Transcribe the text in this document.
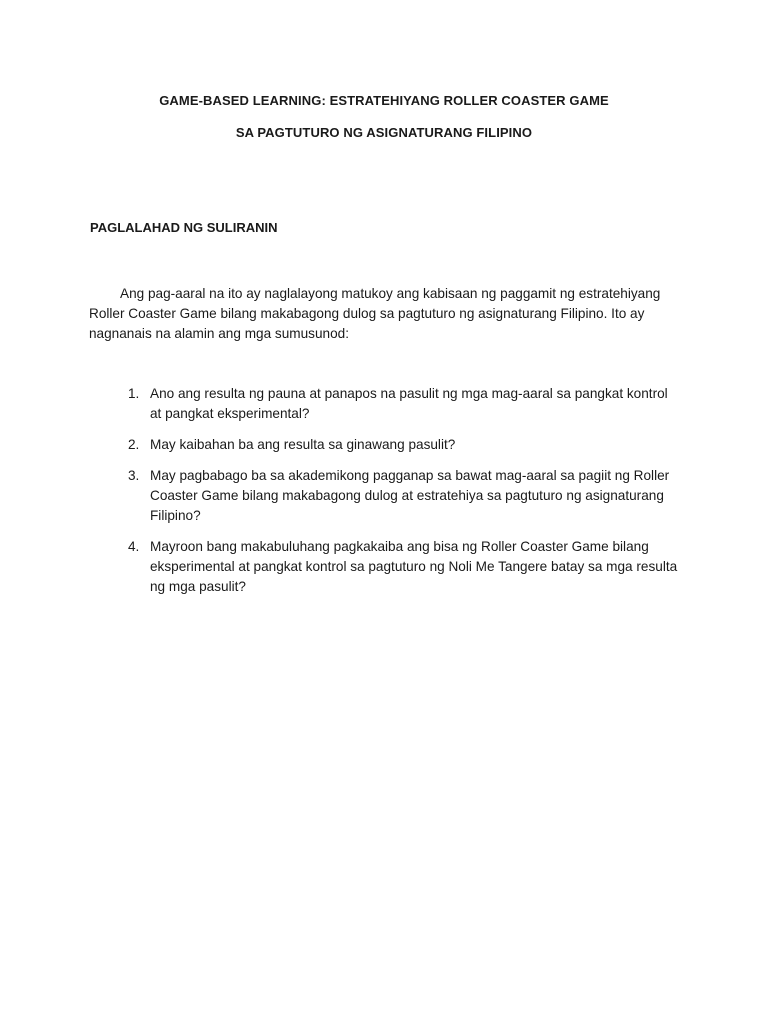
GAME-BASED LEARNING: ESTRATEHIYANG ROLLER COASTER GAME
SA PAGTUTURO NG ASIGNATURANG FILIPINO
PAGLALAHAD NG SULIRANIN

Ang pag-aaral na ito ay naglalayong matukoy ang kabisaan ng paggamit ng estratehiyang Roller Coaster Game bilang makabagong dulog sa pagtuturo ng asignaturang Filipino. Ito ay nagnanais na alamin ang mga sumusunod:

1. Ano ang resulta ng pauna at panapos na pasulit ng mga mag-aaral sa pangkat kontrol at pangkat eksperimental?
2. May kaibahan ba ang resulta sa ginawang pasulit?
3. May pagbabago ba sa akademikong pagganap sa bawat mag-aaral sa pagiit ng Roller Coaster Game bilang makabagong dulog at estratehiya sa pagtuturo ng asignaturang Filipino?
4. Mayroon bang makabuluhang pagkakaiba ang bisa ng Roller Coaster Game bilang eksperimental at pangkat kontrol sa pagtuturo ng Noli Me Tangere batay sa mga resulta ng mga pasulit?
